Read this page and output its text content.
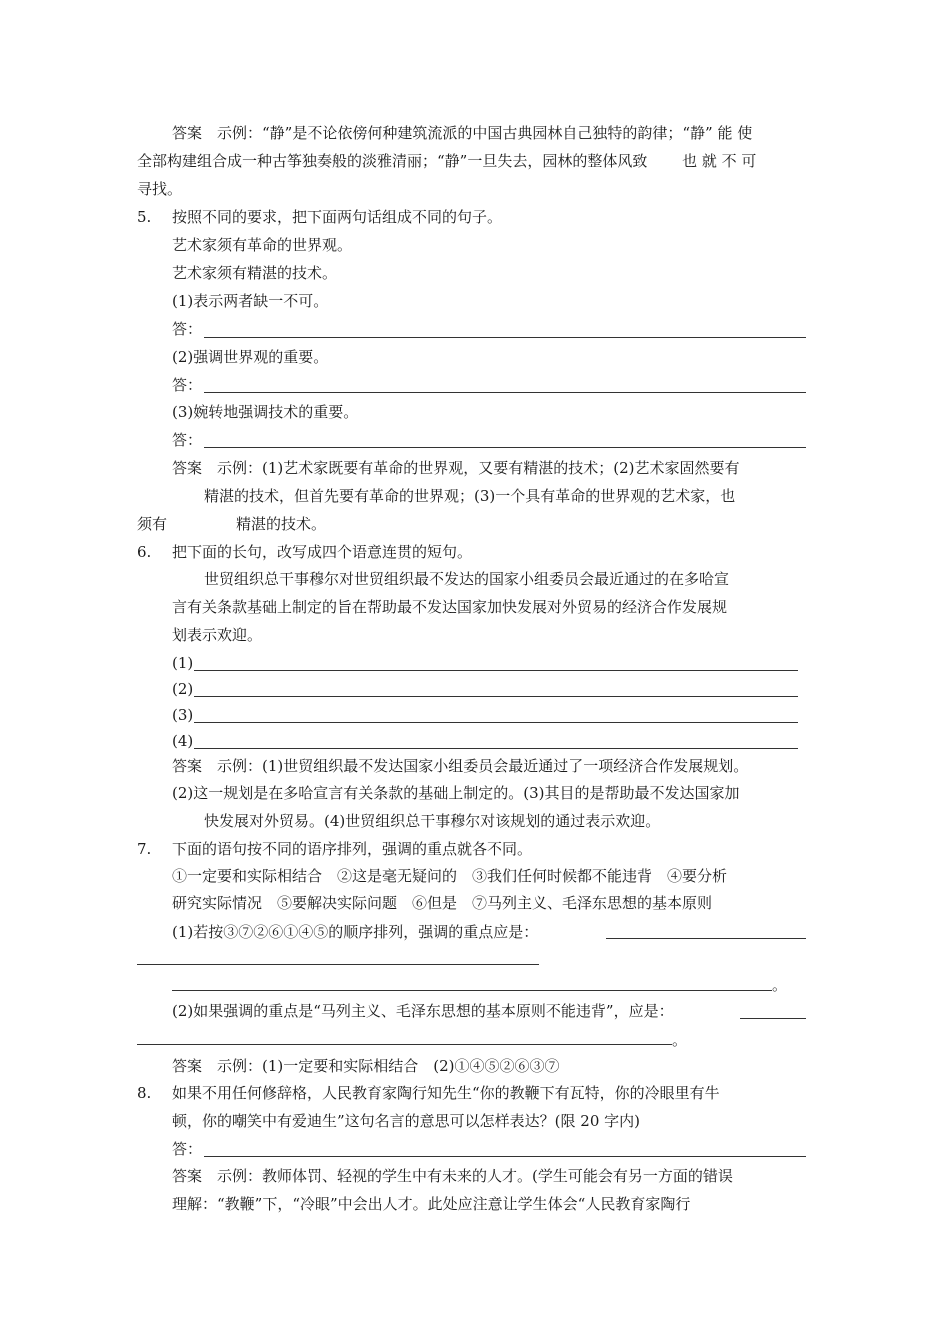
答案　示例：“静”是不论依傍何种建筑流派的中国古典园林自己独特的韵律；“静” 能 使
全部构建组合成一种古筝独奏般的淡雅清丽；“静”一旦失去，园林的整体风致　　 也 就 不 可
寻找。
5. 按照不同的要求，把下面两句话组成不同的句子。
艺术家须有革命的世界观。
艺术家须有精湛的技术。
(1)表示两者缺一不可。
答：
(2)强调世界观的重要。
答：
(3)婉转地强调技术的重要。
答：
答案　示例：(1)艺术家既要有革命的世界观，又要有精湛的技术；(2)艺术家固然要有
精湛的技术，但首先要有革命的世界观；(3)一个具有革命的世界观的艺术家，也
须有	精湛的技术。
6. 把下面的长句，改写成四个语意连贯的短句。
世贸组织总干事穆尔对世贸组织最不发达的国家小组委员会最近通过的在多哈宣
言有关条款基础上制定的旨在帮助最不发达国家加快发展对外贸易的经济合作发展规
划表示欢迎。
(1)
(2)
(3)
(4)
答案　示例：(1)世贸组织最不发达国家小组委员会最近通过了一项经济合作发展规划。
(2)这一规划是在多哈宣言有关条款的基础上制定的。(3)其目的是帮助最不发达国家加
快发展对外贸易。(4)世贸组织总干事穆尔对该规划的通过表示欢迎。
7. 下面的语句按不同的语序排列，强调的重点就各不同。
①一定要和实际相结合　②这是毫无疑问的　③我们任何时候都不能违背　④要分析
研究实际情况　⑤要解决实际问题　⑥但是　⑦马列主义、毛泽东思想的基本原则
(1)若按③⑦②⑥①④⑤的顺序排列，强调的重点应是：
。
(2)如果强调的重点是“马列主义、毛泽东思想的基本原则不能违背”，应是：
。
答案　示例：(1)一定要和实际相结合　(2)①④⑤②⑥③⑦
8. 如果不用任何修辞格，人民教育家陶行知先生“你的教鞭下有瓦特，你的冷眼里有牛
顿，你的嘲笑中有爱迪生”这句名言的意思可以怎样表达？(限 20 字内)
答：
答案　示例：教师体罚、轻视的学生中有未来的人才。(学生可能会有另一方面的错误
理解：“教鞭”下，“冷眼”中会出人才。此处应注意让学生体会“人民教育家陶行
